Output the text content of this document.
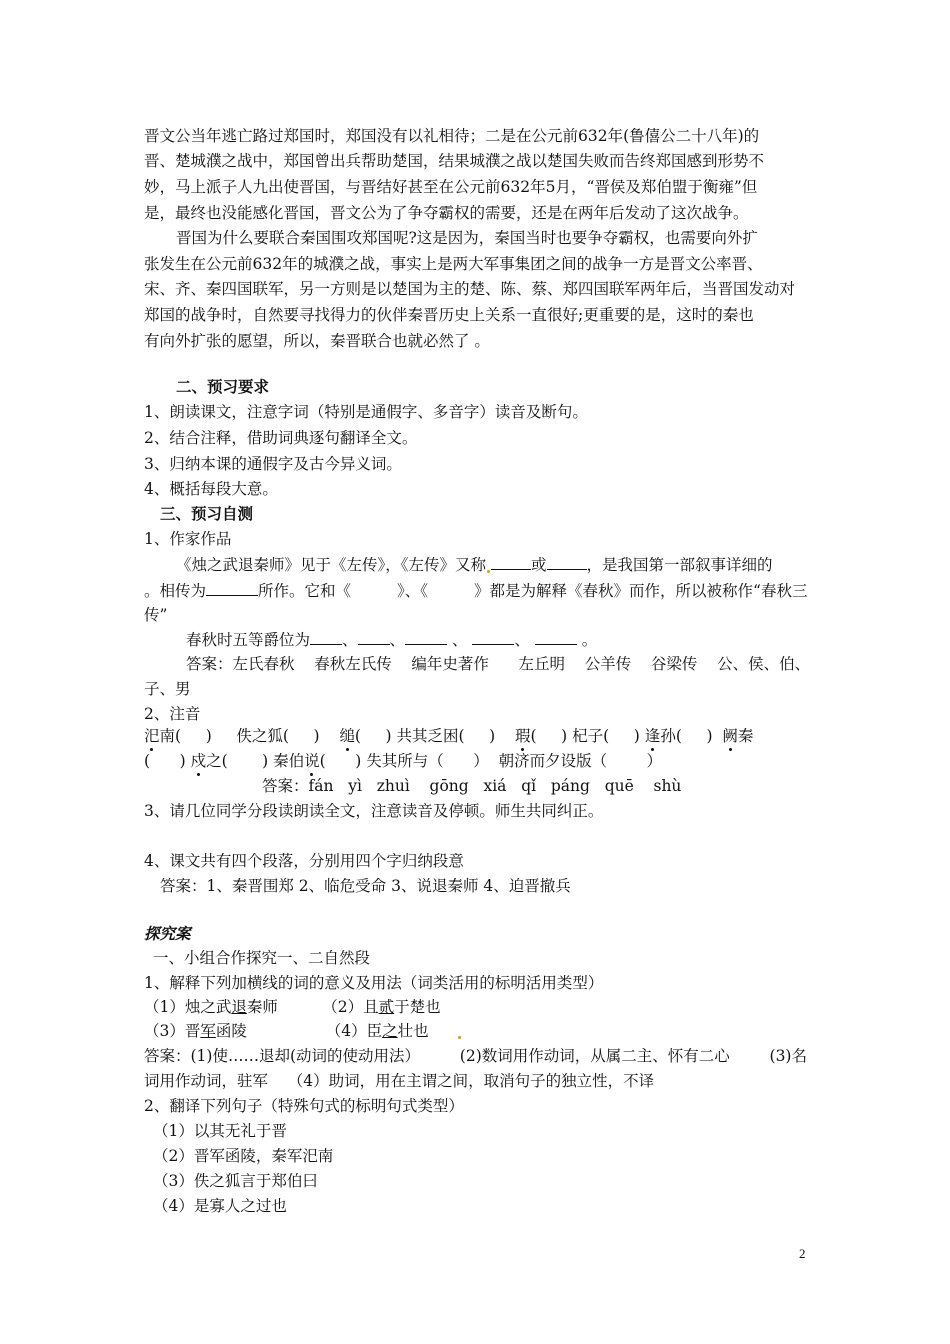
晋文公当年逃亡路过郑国时，郑国没有以礼相待；二是在公元前632年(鲁僖公二十八年)的
晋、楚城濮之战中，郑国曾出兵帮助楚国，结果城濮之战以楚国失败而告终郑国感到形势不
妙，马上派子人九出使晋国，与晋结好甚至在公元前632年5月，“晋侯及郑伯盟于衡雍”但
是，最终也没能感化晋国，晋文公为了争夺霸权的需要，还是在两年后发动了这次战争。
晋国为什么要联合秦国围攻郑国呢?这是因为，秦国当时也要争夺霸权，也需要向外扩
张发生在公元前632年的城濮之战，事实上是两大军事集团之间的战争一方是晋文公率晋、
宋、齐、秦四国联军，另一方则是以楚国为主的楚、陈、蔡、郑四国联军两年后，当晋国发动对
郑国的战争时，自然要寻找得力的伙伴秦晋历史上关系一直很好;更重要的是，这时的秦也
有向外扩张的愿望，所以，秦晋联合也就必然了 。
二、预习要求
1、朗读课文，注意字词（特别是通假字、多音字）读音及断句。
2、结合注释，借助词典逐句翻译全文。
3、归纳本课的通假字及古今异义词。
4、概括每段大意。
三、预习自测
1、作家作品
《烛之武退秦师》见于《左传》，《左传》又称	或	，是我国第一部叙事详细的
。相传为	所作。它和《	》、《	》都是为解释《春秋》而作，所以被称作“春秋三
传”
春秋时五等爵位为 、 、	、	、	。
答案：左氏春秋    春秋左氏传    编年史著作      左丘明    公羊传    谷梁传    公、侯、伯、
子、男
2、注音
汜南(     )     佚之狐(     )    缒(     ) 共其乏困(     )    瑕(     ) 杞子(     ) 逢孙(     )  阙秦
(      ) 戍之(       ) 秦伯说(      ) 失其所与（      ）  朝济而夕设版（        ）
答案：fán   yì   zhuì    gōng   xiá   qǐ   páng   quē    shù
3、请几位同学分段读朗读全文，注意读音及停顿。师生共同纠正。
4、课文共有四个段落，分别用四个字归纳段意
答案：1、秦晋围郑 2、临危受命 3、说退秦师 4、迫晋撤兵
探究案
一、小组合作探究一、二自然段
1、解释下列加横线的词的意义及用法（词类活用的标明活用类型）
（1）烛之武退秦师         （2）且贰于楚也
（3）晋军函陵                （4）臣之壮也
答案：(1)使……退却(动词的使动用法）	(2)数词用作动词，从属二主、怀有二心	(3)名
词用作动词，驻军    （4）助词，用在主谓之间，取消句子的独立性，不译
2、翻译下列句子（特殊句式的标明句式类型）
（1）以其无礼于晋
（2）晋军函陵，秦军汜南
（3）佚之狐言于郑伯曰
（4）是寡人之过也
2
